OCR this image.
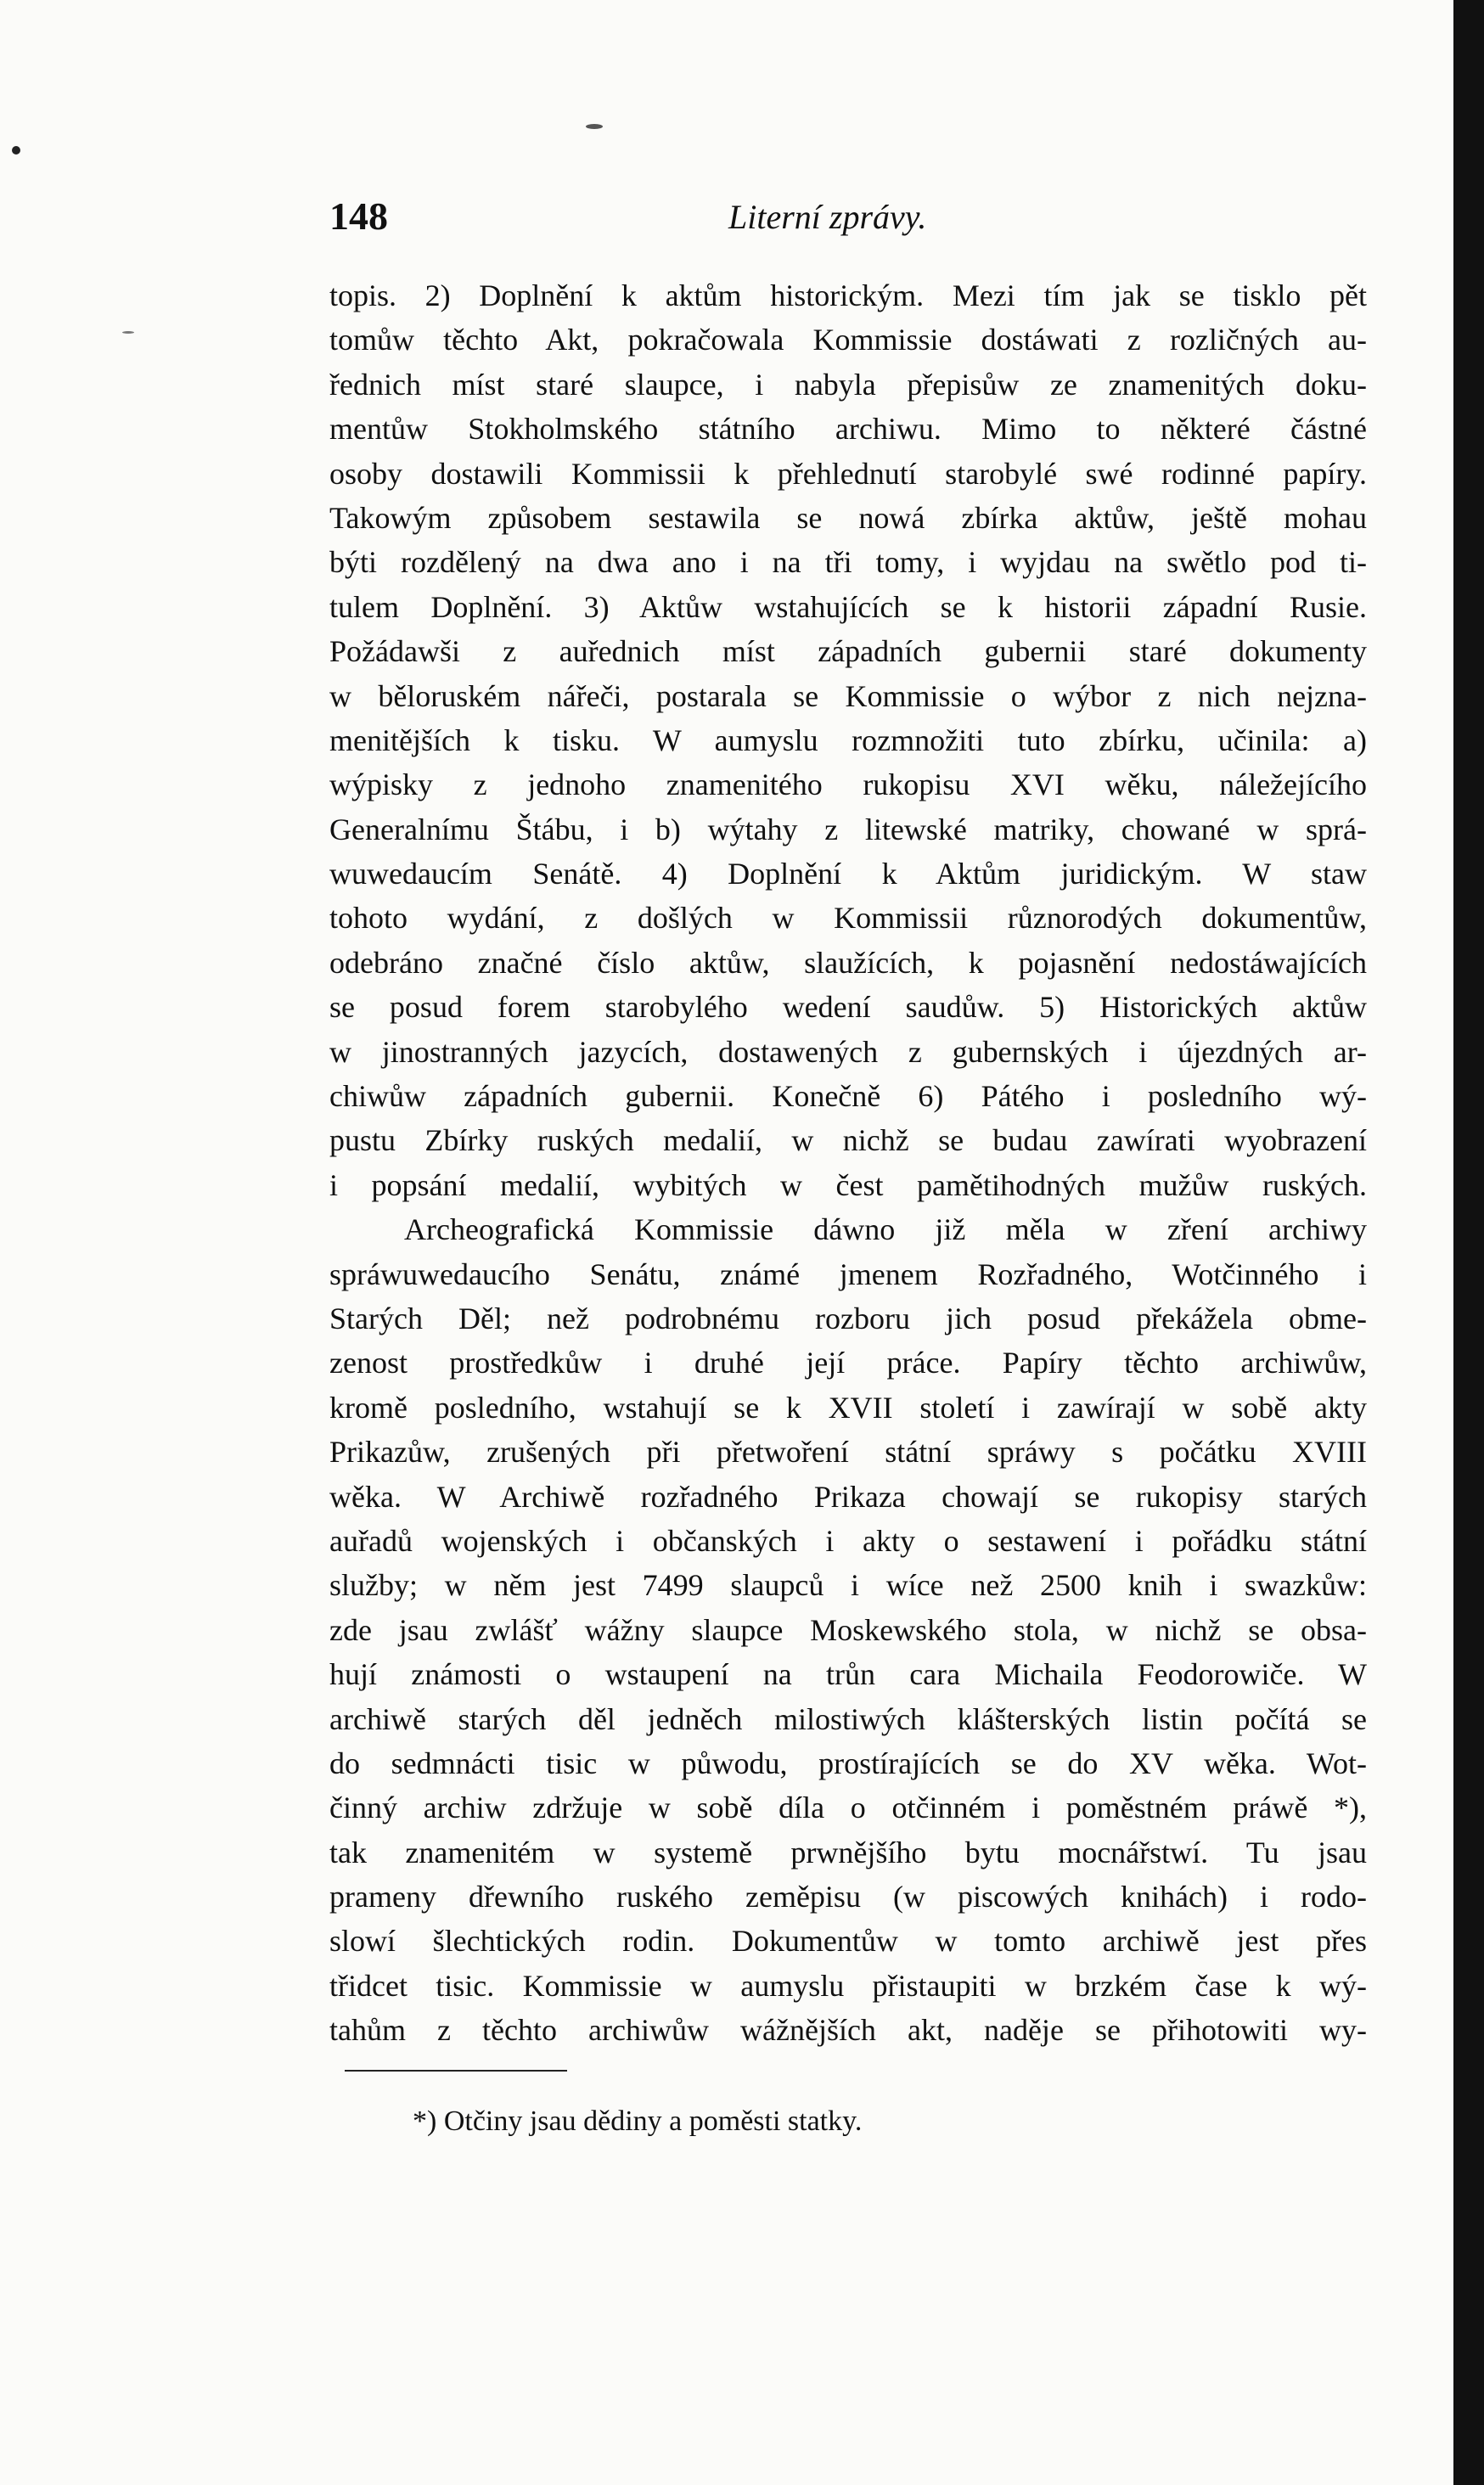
148	Literní zprávy.
topis. 2) Doplnění k aktům historickým. Mezi tím jak se tisklo pět
tomůw těchto Akt, pokračowala Kommissie dostáwati z rozličných au-
řednich míst staré slaupce, i nabyla přepisůw ze znamenitých doku-
mentůw Stokholmského státního archiwu. Mimo to některé částné
osoby dostawili Kommissii k přehlednutí starobylé swé rodinné papíry.
Takowým způsobem sestawila se nowá zbírka aktůw, ještě mohau
býti rozdělený na dwa ano i na tři tomy, i wyjdau na swětlo pod ti-
tulem Doplnění. 3) Aktůw wstahujících se k historii západní Rusie.
Požádawši z auřednich míst západních gubernii staré dokumenty
w běloruském nářeči, postarala se Kommissie o wýbor z nich nejzna-
menitějších k tisku. W aumyslu rozmnožiti tuto zbírku, učinila: a)
wýpisky z jednoho znamenitého rukopisu XVI wěku, náležejícího
Generalnímu Štábu, i b) wýtahy z litewské matriky, chowané w sprá-
wuwedaucím Senátě. 4) Doplnění k Aktům juridickým. W staw
tohoto wydání, z došlých w Kommissii různorodých dokumentůw,
odebráno značné číslo aktůw, slaužících, k pojasnění nedostáwajících
se posud forem starobylého wedení saudůw. 5) Historických aktůw
w jinostranných jazycích, dostawených z gubernských i újezdných ar-
chiwůw západních gubernii. Konečně 6) Pátého i posledního wý-
pustu Zbírky ruských medalií, w nichž se budau zawírati wyobrazení
i popsání medalií, wybitých w čest pamětihodných mužůw ruských.
Archeografická Kommissie dáwno již měla w zření archiwy
spráwuwedaucího Senátu, známé jmenem Rozřadného, Wotčinného i
Starých Děl; než podrobnému rozboru jich posud překážela obme-
zenost prostředkůw i druhé její práce. Papíry těchto archiwůw,
kromě posledního, wstahují se k XVII století i zawírají w sobě akty
Prikazůw, zrušených při přetwoření státní spráwy s počátku XVIII
wěka. W Archiwě rozřadného Prikaza chowají se rukopisy starých
auřadů wojenských i občanských i akty o sestawení i pořádku státní
služby; w něm jest 7499 slaupců i wíce než 2500 knih i swazkůw:
zde jsau zwlášť wážny slaupce Moskewského stola, w nichž se obsa-
hují známosti o wstaupení na trůn cara Michaila Feodorowiče. W
archiwě starých děl jedněch milostiwých klášterských listin počítá se
do sedmnácti tisic w půwodu, prostírajících se do XV wěka. Wot-
činný archiw zdržuje w sobě díla o otčinném i poměstném práwě *),
tak znamenitém w systemě prwnějšího bytu mocnářstwí. Tu jsau
prameny dřewního ruského zeměpisu (w piscowých knihách) i rodo-
slowí šlechtických rodin. Dokumentůw w tomto archiwě jest přes
třidcet tisic. Kommissie w aumyslu přistaupiti w brzkém čase k wý-
tahům z těchto archiwůw wážnějších akt, naděje se přihotowiti wy-
*) Otčiny jsau dědiny a poměsti statky.
